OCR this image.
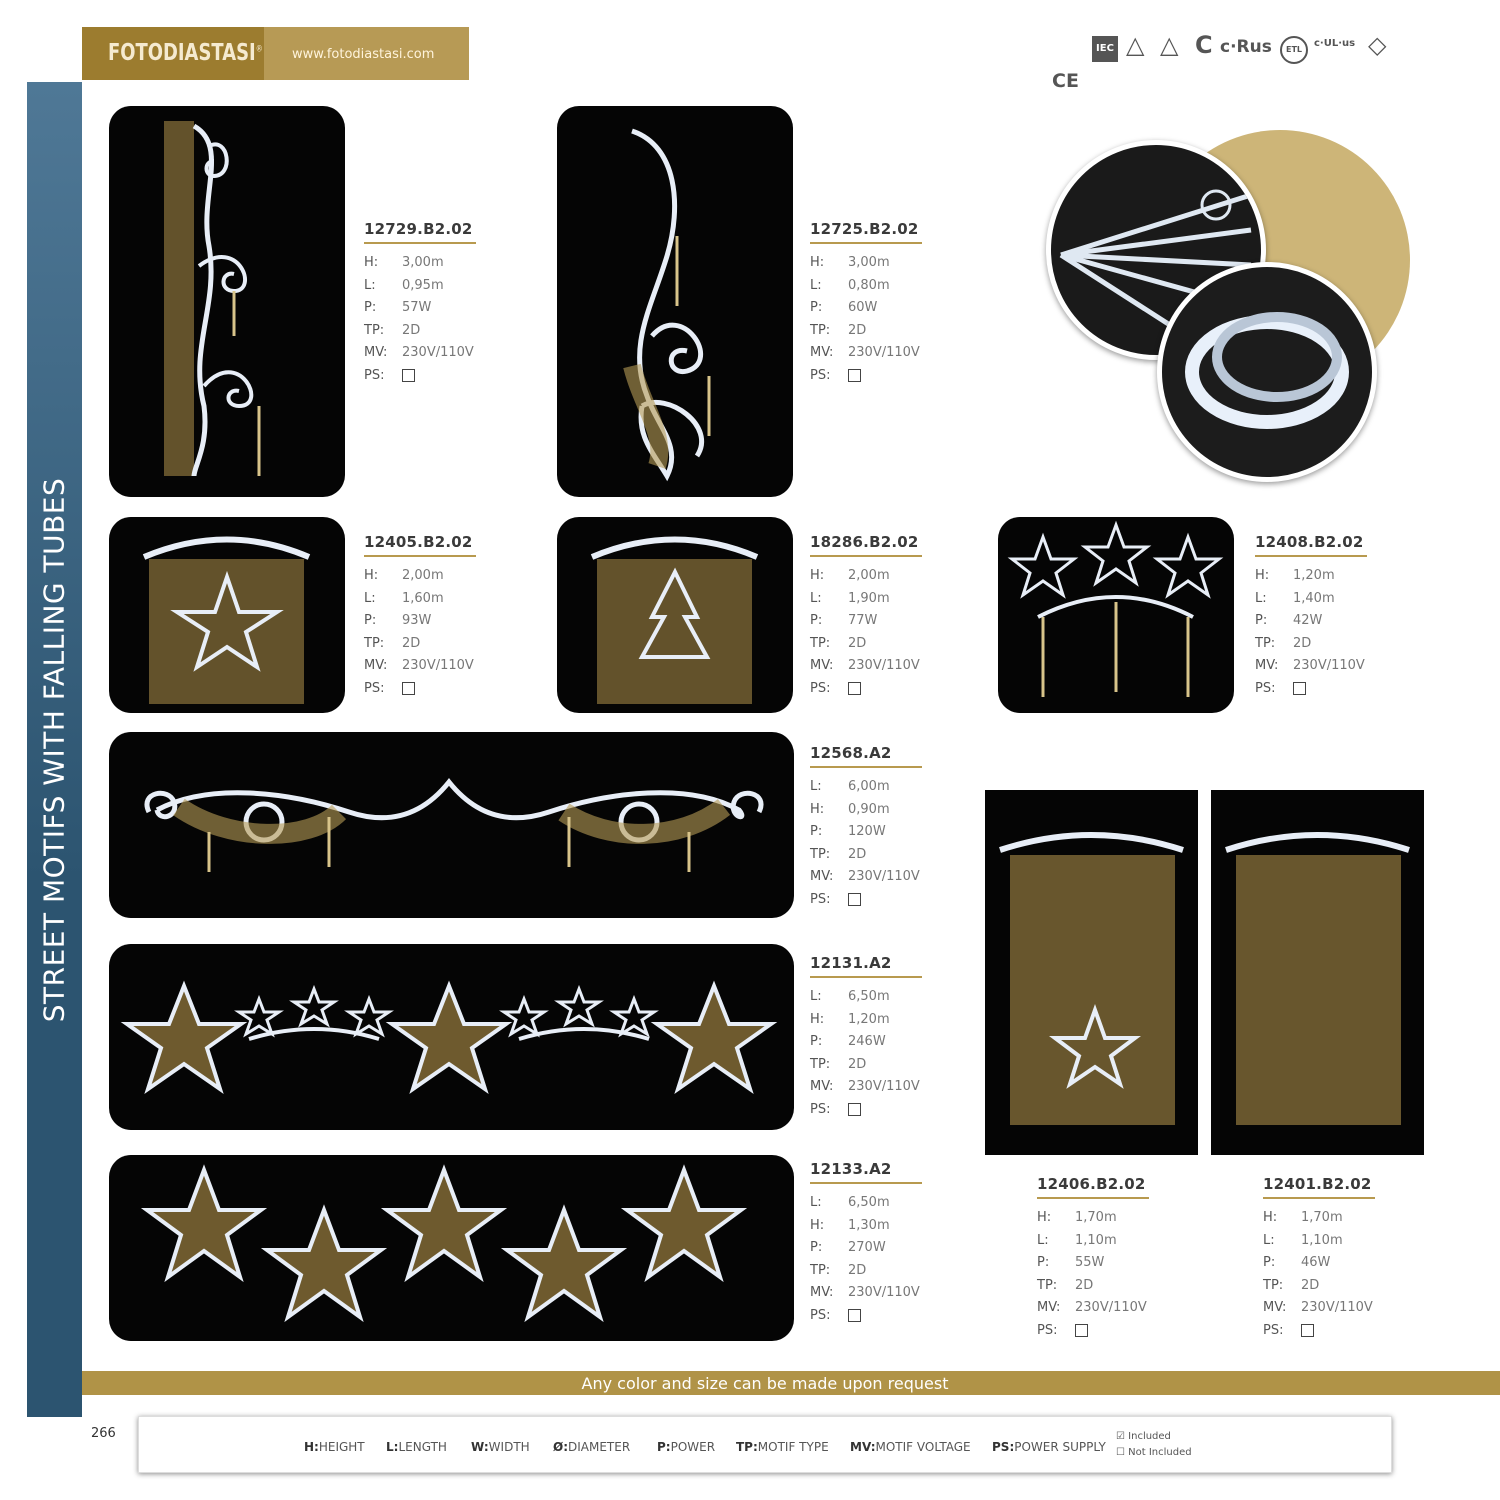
FOTODIASTASI® www.fotodiastasi.com
CE
IEC △ △ C c·Rus	ETL
c·UL·us ◇
STREET MOTIFS WITH FALLING TUBES
12729.B2.02
H: 3,00m
L: 0,95m
P: 57W
TP: 2D
MV: 230V/110V
PS:
12725.B2.02
H: 3,00m
L: 0,80m
P: 60W
TP: 2D
MV: 230V/110V
PS:
12405.B2.02
H: 2,00m
L: 1,60m
P: 93W
TP: 2D
MV: 230V/110V
PS:
18286.B2.02
H: 2,00m
L: 1,90m
P: 77W
TP: 2D
MV: 230V/110V
PS:
12408.B2.02
H: 1,20m
L: 1,40m
P: 42W
TP: 2D
MV: 230V/110V
PS:
12568.A2
L: 6,00m
H: 0,90m
P: 120W
TP: 2D
MV: 230V/110V
PS:
12131.A2
L: 6,50m
H: 1,20m
P: 246W
TP: 2D
MV: 230V/110V
PS:
12133.A2
L: 6,50m
H: 1,30m
P: 270W
TP: 2D
MV: 230V/110V
PS:
12406.B2.02
H: 1,70m
L: 1,10m
P: 55W
TP: 2D
MV: 230V/110V
PS:
12401.B2.02
H: 1,70m
L: 1,10m
P: 46W
TP: 2D
MV: 230V/110V
PS:
Any color and size can be made upon request
266
H:HEIGHT L:LENGTH W:WIDTH Ø:DIAMETER P:POWER TP:MOTIF TYPE MV:MOTIF VOLTAGE PS:POWER SUPPLY
☑ Included
☐ Not Included
